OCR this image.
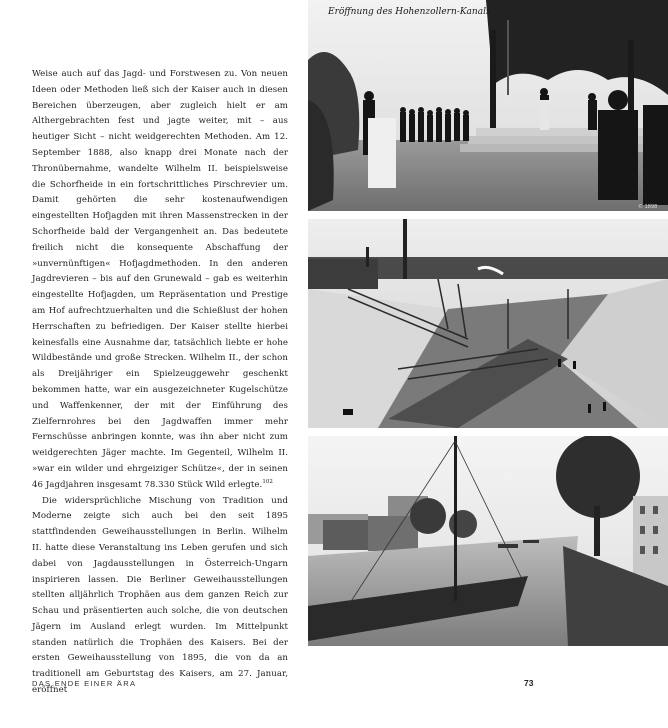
Weise auch auf das Jagd- und Forstwesen zu. Von neuen Ideen oder Methoden ließ sich der Kaiser auch in diesen Bereichen überzeugen, aber zugleich hielt er am Althergebrachten fest und jagte weiter, mit – aus heutiger Sicht – nicht weidgerechten Methoden. Am 12. September 1888, also knapp drei Monate nach der Thronübernahme, wandelte Wilhelm II. beispielsweise die Schorfheide in ein fortschrittliches Pirschrevier um. Damit gehörten die sehr kostenaufwendigen eingestellten Hofjagden mit ihren Massenstrecken in der Schorfheide bald der Vergangenheit an. Das bedeutete freilich nicht die konsequente Abschaffung der »unvernünftigen« Hofjagdmethoden. In den anderen Jagdrevieren – bis auf den Grunewald – gab es weiterhin eingestellte Hofjagden, um Repräsentation und Prestige am Hof aufrechtzuerhalten und die Schießlust der hohen Herrschaften zu befriedigen. Der Kaiser stellte hierbei keinesfalls eine Ausnahme dar, tatsächlich liebte er hohe Wildbestände und große Strecken. Wilhelm II., der schon als Dreijähriger ein Spielzeuggewehr geschenkt bekommen hatte, war ein ausgezeichneter Kugelschütze und Waffenkenner, der mit der Einführung des Zielfernrohres bei den Jagdwaffen immer mehr Fernschüsse anbringen konnte, was ihn aber nicht zum weidgerechten Jäger machte. Im Gegenteil, Wilhelm II. »war ein wilder und ehrgeiziger Schütze«, der in seinen 46 Jagdjahren insgesamt 78.330 Stück Wild erlegte.$^{102}$

Die widersprüchliche Mischung von Tradition und Moderne zeigte sich auch bei den seit 1895 stattfindenden Geweihausstellungen in Berlin. Wilhelm II. hatte diese Veranstaltung ins Leben gerufen und sich dabei von Jagdausstellungen in Österreich-Ungarn inspirieren lassen. Die Berliner Geweihausstellungen stellten alljährlich Trophäen aus dem ganzen Reich zur Schau und präsentierten auch solche, die von deutschen Jägern im Ausland erlegt wurden. Im Mittelpunkt standen natürlich die Trophäen des Kaisers. Bei der ersten Geweihausstellung von 1895, die von da an traditionell am Geburtstag des Kaisers, am 27. Januar, eröffnet

© 1898
Eröffnung des Hohenzollern-Kanals
DAS ENDE EINER ÄRA	73
